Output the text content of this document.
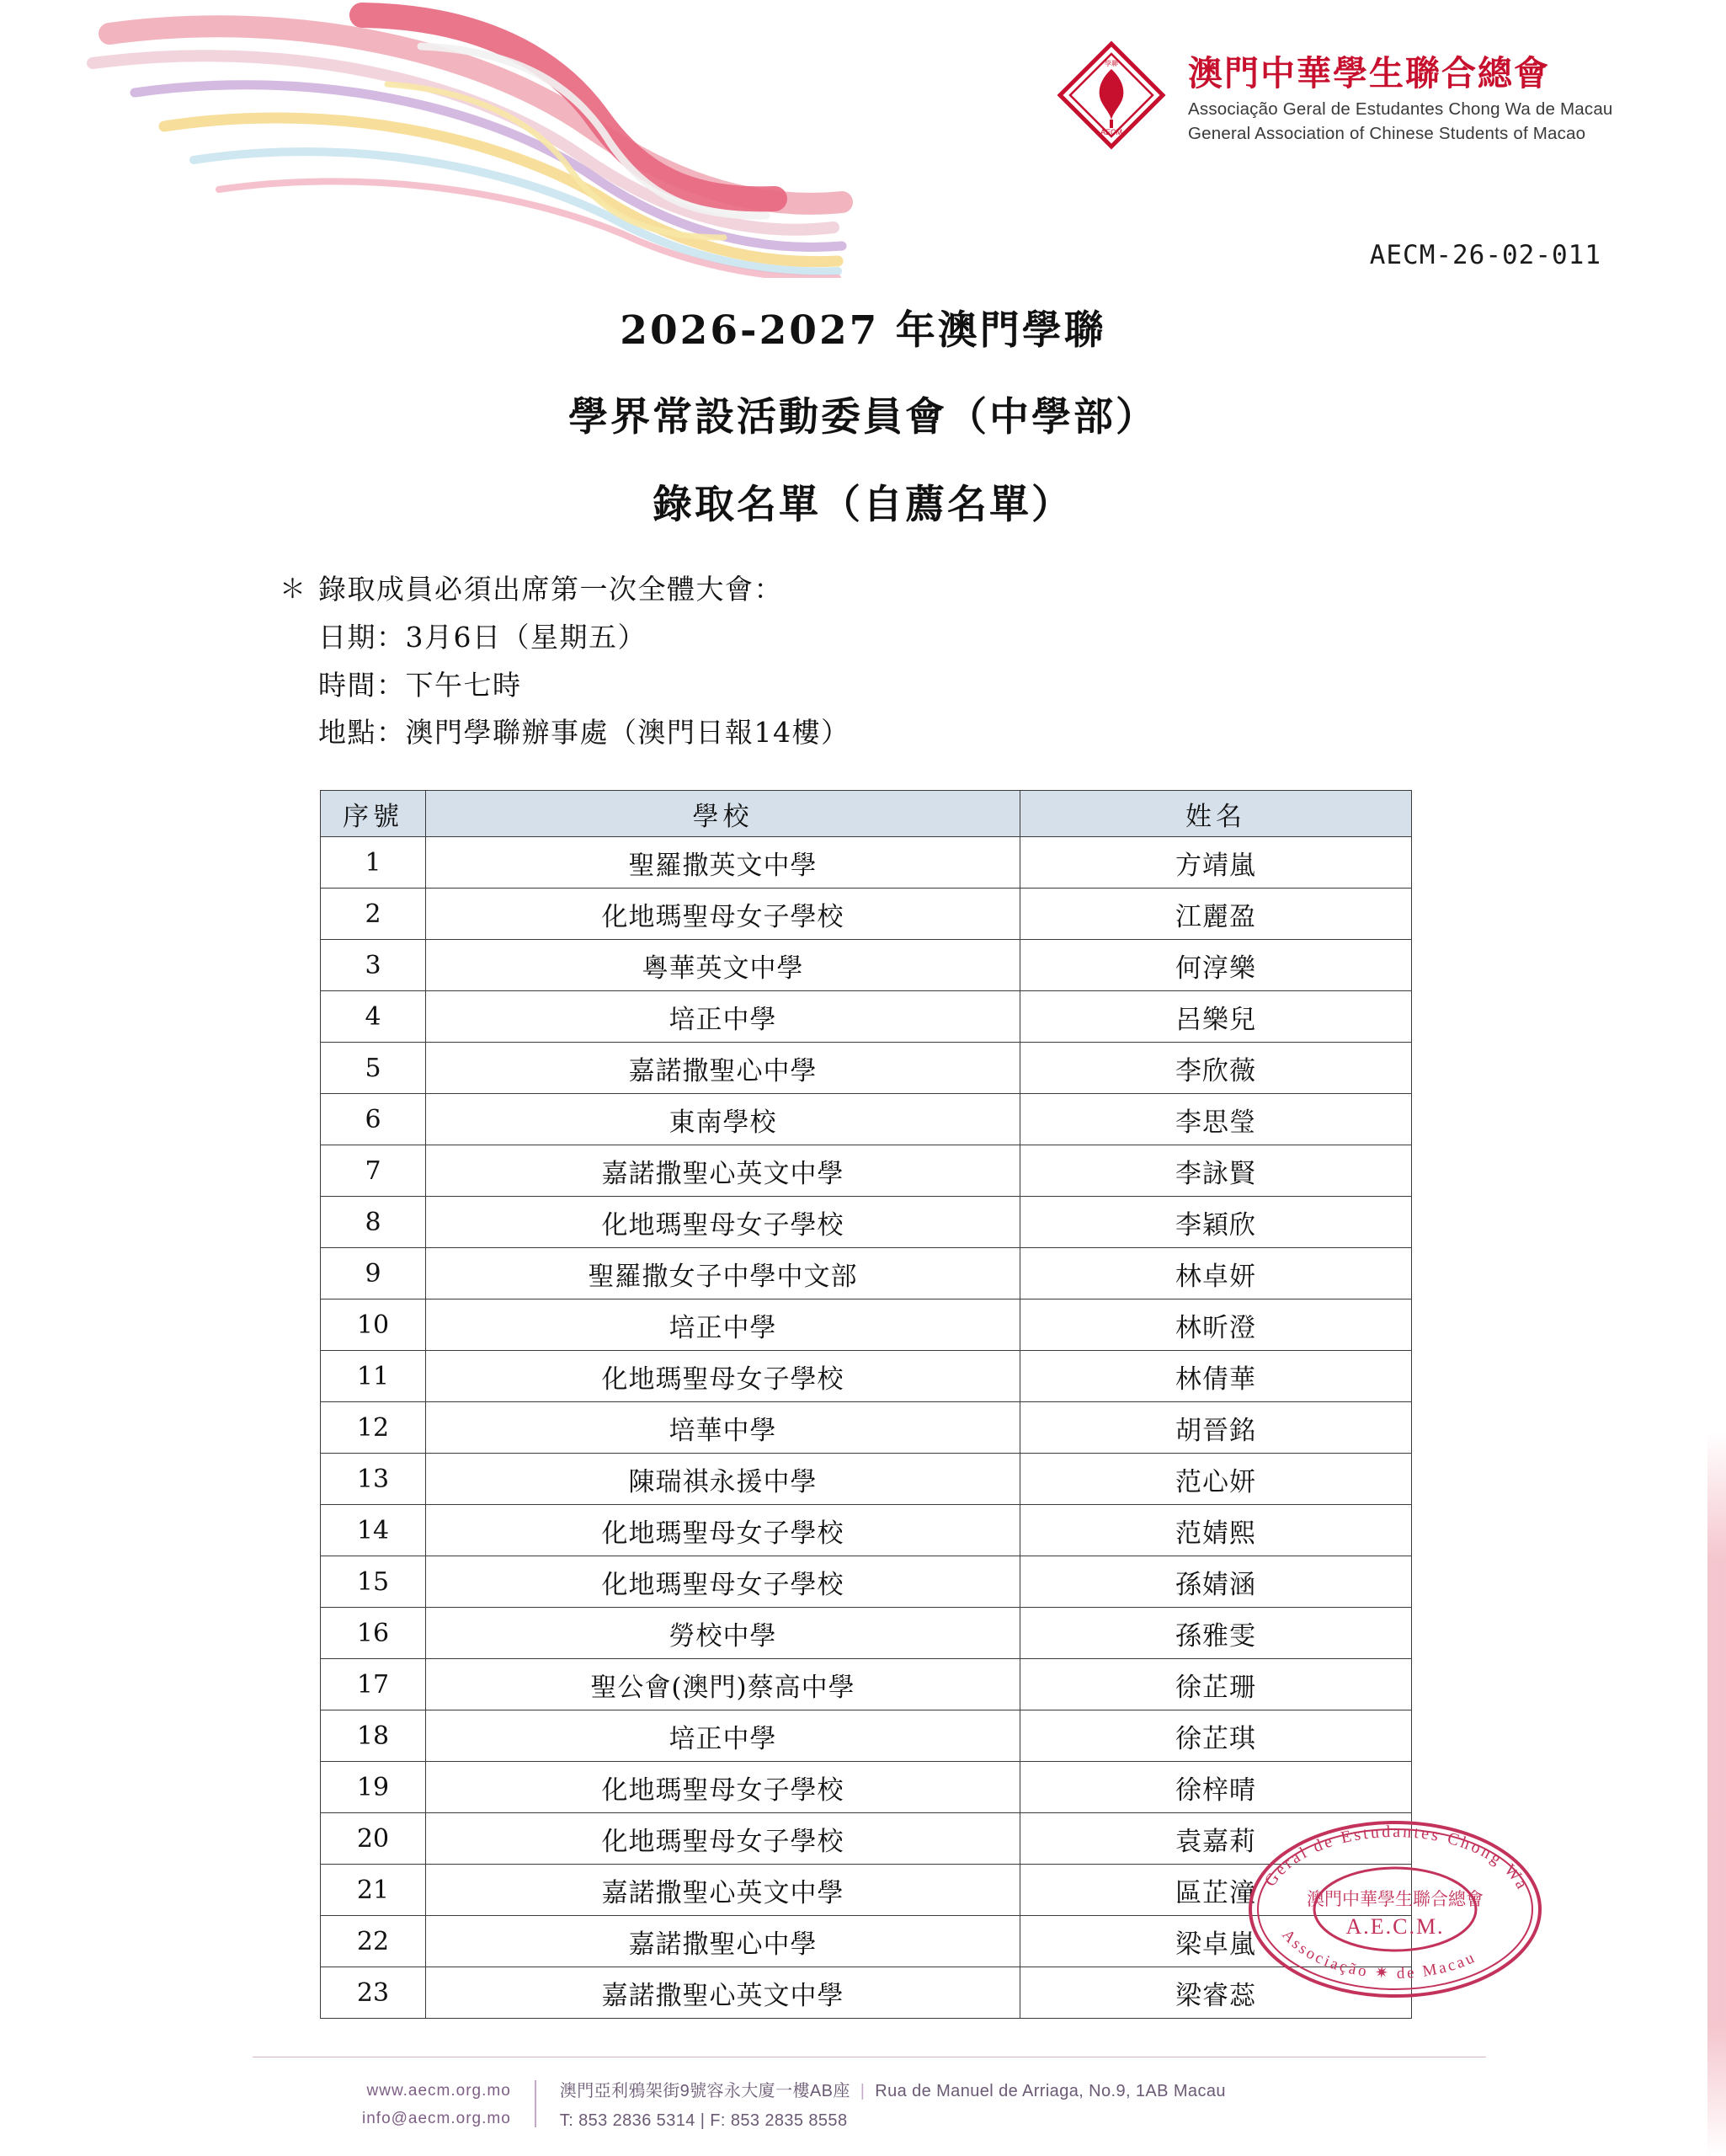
AECM
學聯 澳門中華學生聯合總會
Associação Geral de Estudantes Chong Wa de Macau
General Association of Chinese Students of Macao
AECM-26-02-011
2026-2027 年澳門學聯
學界常設活動委員會（中學部）
錄取名單（自薦名單）
＊ 錄取成員必須出席第一次全體大會：
日期：3月6日（星期五）
時間：下午七時
地點：澳門學聯辦事處（澳門日報14樓）
序號	學校	姓名
1	聖羅撒英文中學	方靖嵐
2	化地瑪聖母女子學校	江麗盈
3	粵華英文中學	何淳樂
4	培正中學	呂樂兒
5	嘉諾撒聖心中學	李欣薇
6	東南學校	李思瑩
7	嘉諾撒聖心英文中學	李詠賢
8	化地瑪聖母女子學校	李穎欣
9	聖羅撒女子中學中文部	林卓妍
10	培正中學	林昕澄
11	化地瑪聖母女子學校	林倩華
12	培華中學	胡晉銘
13	陳瑞祺永援中學	范心妍
14	化地瑪聖母女子學校	范婧熙
15	化地瑪聖母女子學校	孫婧涵
16	勞校中學	孫雅雯
17	聖公會(澳門)蔡高中學	徐芷珊
18	培正中學	徐芷琪
19	化地瑪聖母女子學校	徐梓晴
20	化地瑪聖母女子學校	袁嘉莉
21	嘉諾撒聖心英文中學	區芷潼
22	嘉諾撒聖心中學	梁卓嵐
23	嘉諾撒聖心英文中學	梁睿蕊
Geral de Estudantes Chong Wa
Associação ✷ de Macau
澳門中華學生聯合總會
A.E.C.M.
www.aecm.org.mo
info@aecm.org.mo
澳門亞利鴉架街9號容永大廈一樓AB座  |  Rua de Manuel de Arriaga, No.9, 1AB Macau
T: 853 2836 5314 | F: 853 2835 8558
